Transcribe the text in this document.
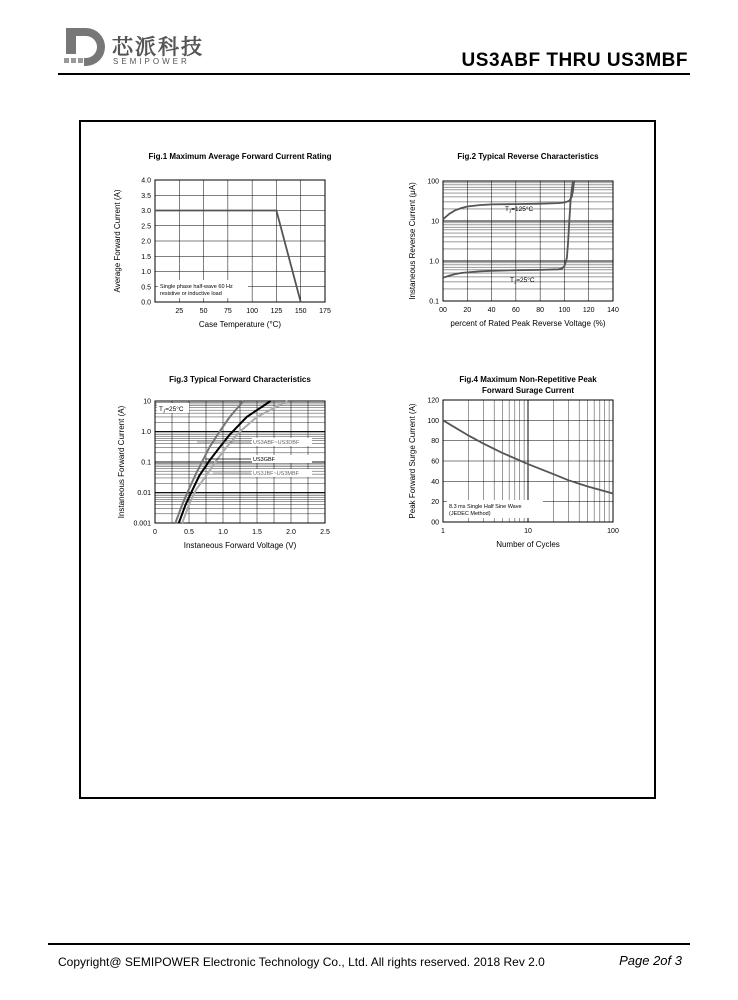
芯派科技
SEMIPOWER	US3ABF THRU US3MBF
Fig.1 Maximum Average Forward Current Rating
25 50 75 100 125 150 175
0.0
0.5
1.0
1.5
2.0
2.5
3.0
3.5
4.0
Case Temperature (°C)
Average Forward Current (A)	Single phase half-wave 60 Hz
resistive or inductive load
Fig.2 Typical Reverse Characteristics
00 20 40 60 80 100 120 140
0.1
1.0
10
100
percent of Rated Peak Reverse Voltage (%)
Instaneous Reverse Current (μA)	$T_J=125^\circ C$
$T_J=25^\circ C$
Fig.3 Typical Forward Characteristics
0	0.5	1.0	1.5	2.0	2.5
0.001
0.01
0.1
1.0
10
Instaneous Forward Voltage (V)
Instaneous Forward Current (A)	$T_J=25^\circ C$
US3ABF~US3DBF
US3GBF
US3JBF~US3MBF
Fig.4 Maximum Non-Repetitive Peak
Forward Surage Current
1	10	100
00
20
40
60
80
100
120
Number of Cycles
Peak Forward Surge Current (A)	8.3 ms Single Half Sine Wave
(JEDEC Method)
Copyright@ SEMIPOWER Electronic Technology Co., Ltd. All rights reserved. 2018 Rev 2.0	Page 2of 3
